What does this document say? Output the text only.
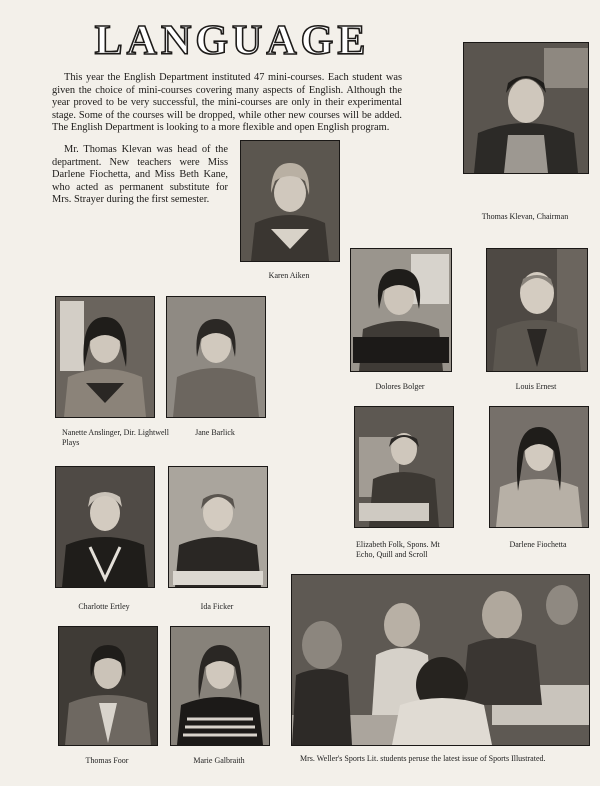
LANGUAGE

This year the English Department instituted 47 mini-courses. Each student was given the choice of mini-courses covering many aspects of English. Although the year proved to be very successful, the mini-courses are only in their experimental stage. Some of the courses will be dropped, while other new courses will be added. The English Department is looking to a more flexible and open English program.

Mr. Thomas Klevan was head of the department. New teachers were Miss Darlene Fiochetta, and Miss Beth Kane, who acted as permanent substitute for Mrs. Strayer during the first semester.

Thomas Klevan, Chairman

Karen Aiken

Dolores Bolger	Louis Ernest

Nanette Anslinger, Dir. Lightwell Plays

Jane Barlick

Elizabeth Folk, Spons. Mt Echo, Quill and Scroll

Darlene Fiochetta

Charlotte Ertley	Ida Ficker

Thomas Foor	Marie Galbraith	Mrs. Weller's Sports Lit. students peruse the latest issue of Sports Illustrated.
